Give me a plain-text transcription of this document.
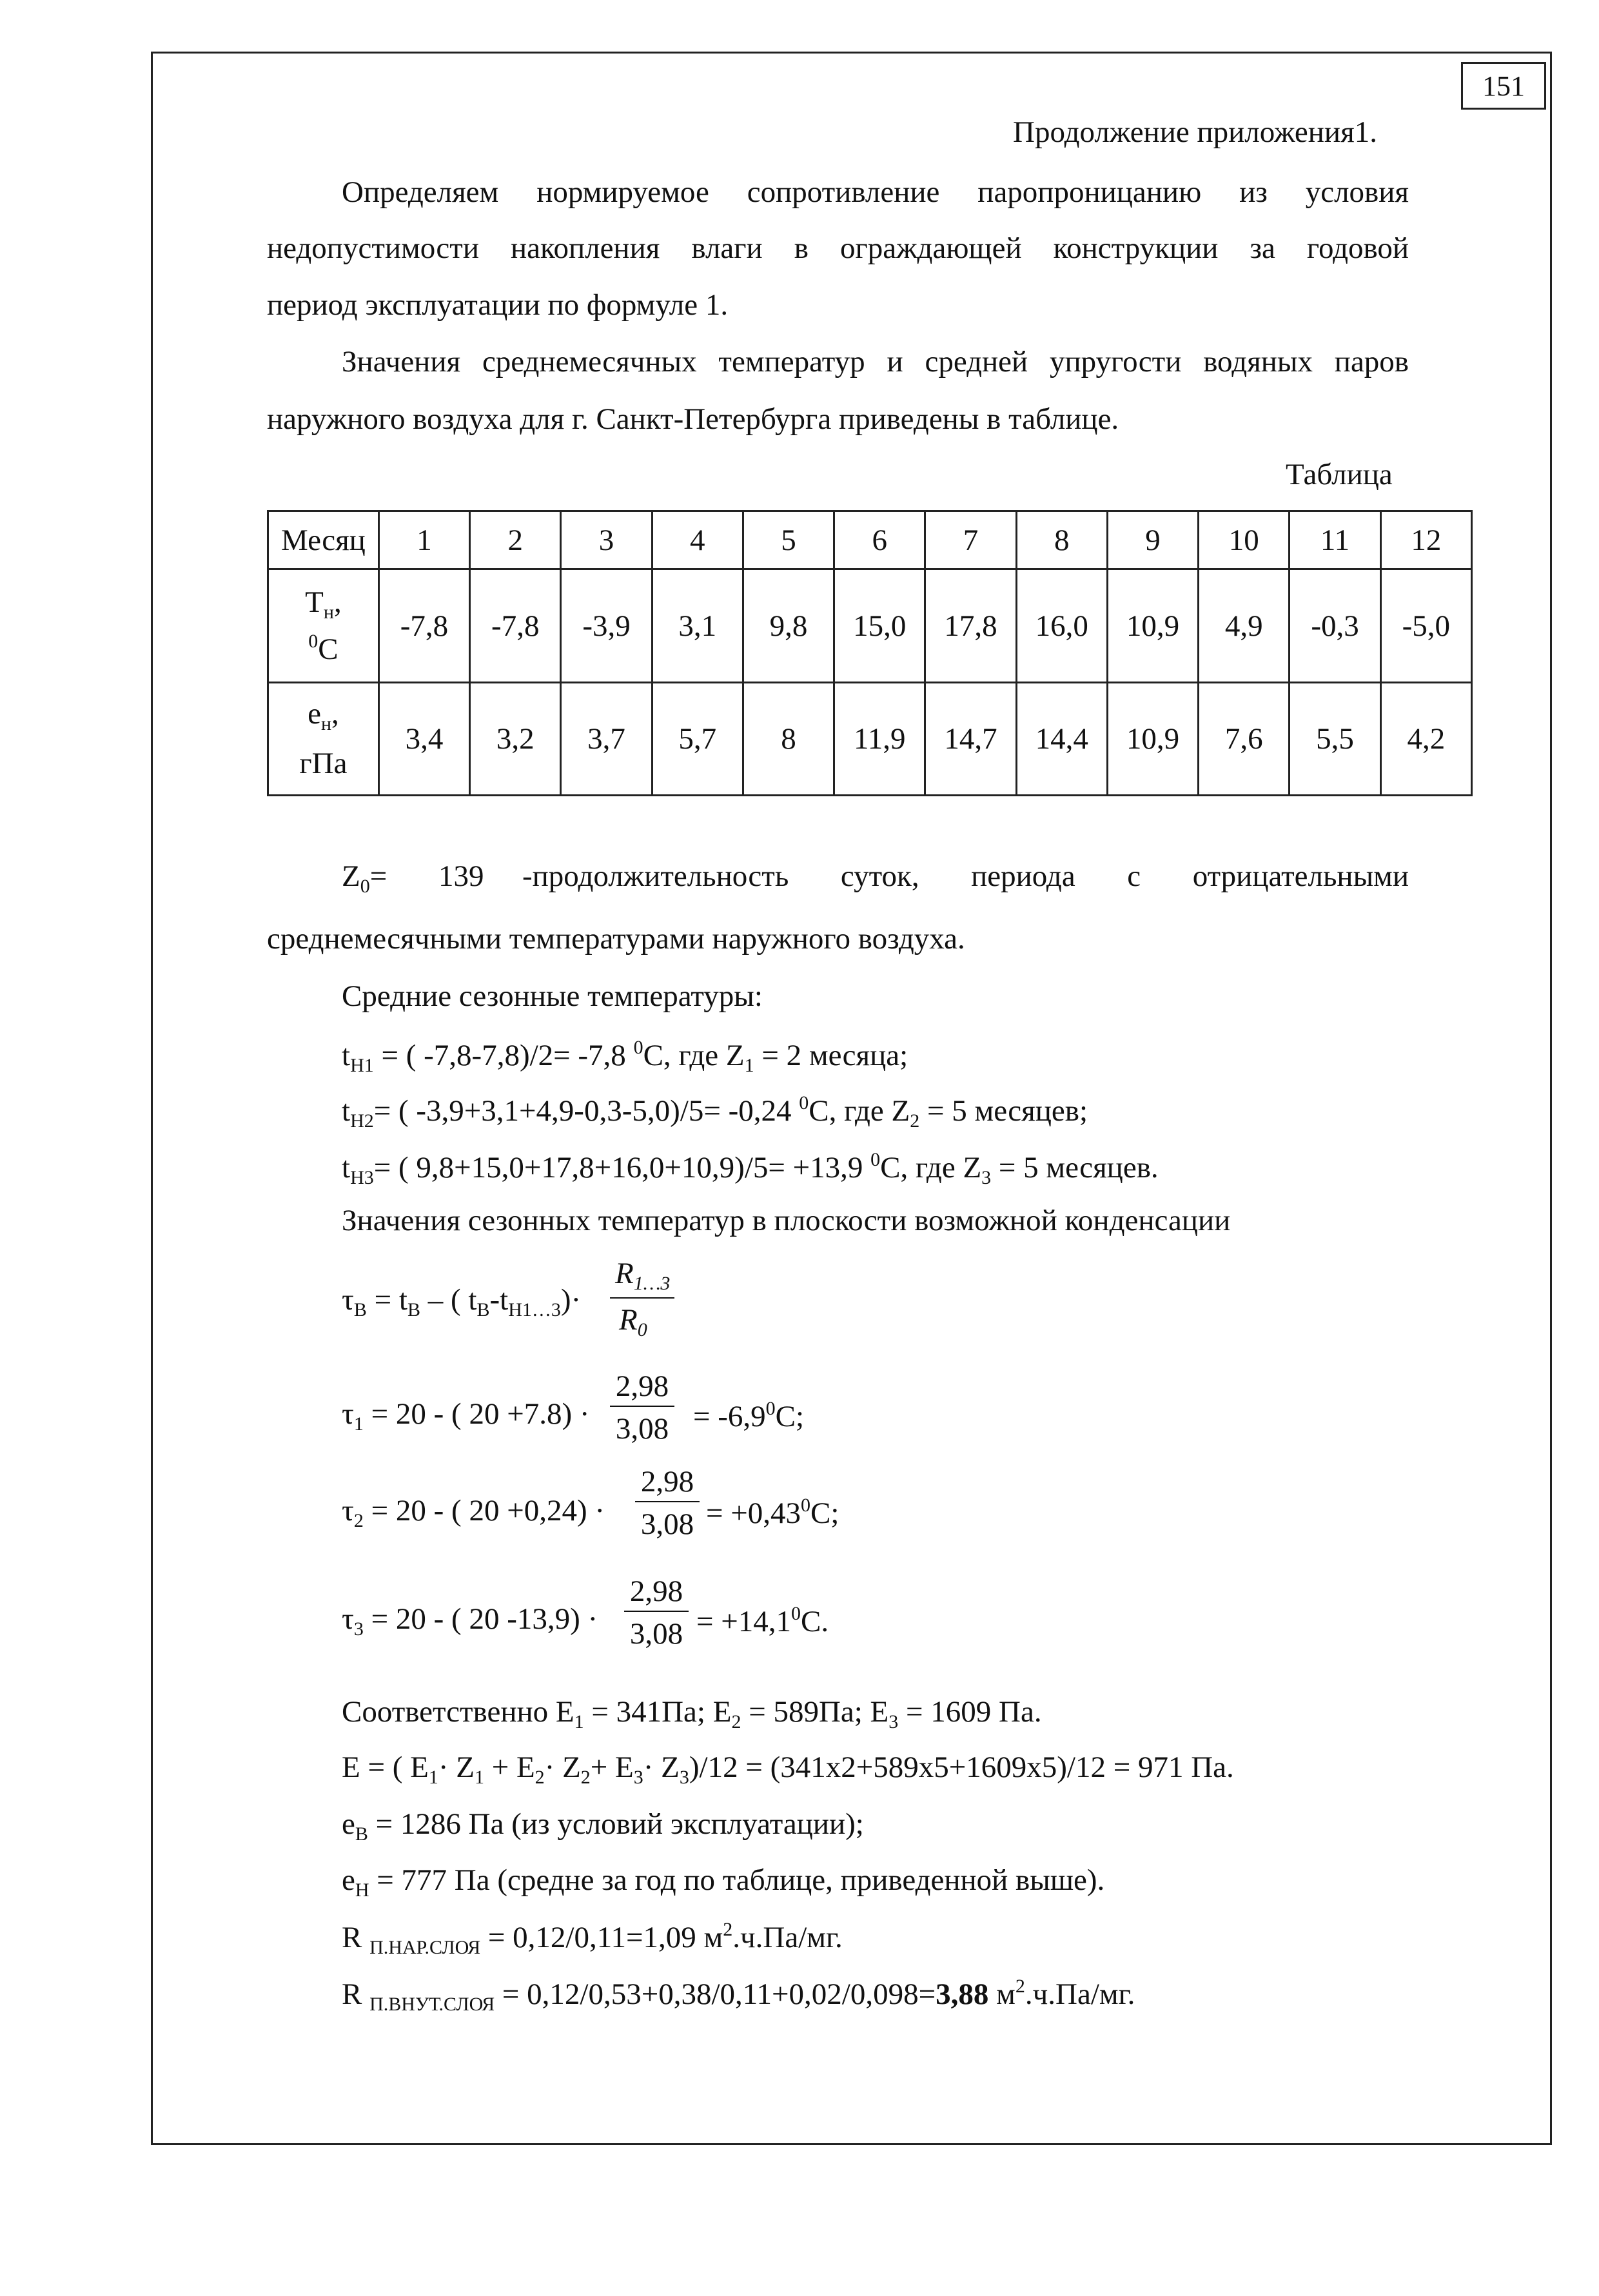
151
Продолжение приложения1.
Определяем нормируемое сопротивление паропроницанию из условия
недопустимости накопления влаги в ограждающей конструкции за годовой
период эксплуатации по формуле 1.
Значения среднемесячных температур и средней упругости водяных паров
наружного воздуха для г. Санкт-Петербурга приведены в таблице.
Таблица
Месяц	1	2	3	4	5	6	7	8	9	10	11	12
$Т_н$,
$^0$С	-7,8	-7,8	-3,9	3,1	9,8	15,0	17,8	16,0	10,9	4,9	-0,3	-5,0
$е_н$,
гПа	3,4	3,2	3,7	5,7	8	11,9	14,7	14,4	10,9	7,6	5,5	4,2
$Z_0= 139$ -продолжительность суток, периода с отрицательными
среднемесячными температурами наружного воздуха.
Средние сезонные температуры:
$t_{Н1}$ = ( -7,8-7,8)/2= -7,8 $^0$С, где $Z_1 = 2$ месяца;
$t_{Н2}=$ ( -3,9+3,1+4,9-0,3-5,0)/5= -0,24 $^0$С, где $Z_2 = 5$ месяцев;
$t_{Н3}=$ ( 9,8+15,0+17,8+16,0+10,9)/5= +13,9 $^0$С, где $Z_3 = 5$ месяцев.
Значения сезонных температур в плоскости возможной конденсации
$\tau_В = t_В$ – ( $t_В-t_{Н1\dots 3})\cdot$
$R_{1\dots 3}$
$R_0$
$\tau_1 = 20$ - ( 20 +7.8) ·
2,98
$3,08 = -6,9^0С$;
$\tau_2 = 20$ - ( 20 +0,24) ·
2,98
$3,08 = +0,43^0С$;
$\tau_3 = 20$ - ( 20 -13,9) ·
2,98
$3,08 = +14,1^0С$.
Соответственно $E_1 = 341Па$; $E_2 = 589Па$; $E_3 = 1609$ Па.
E = ( $E_1\cdot Z_1 + E_2\cdot Z_2+ E_3\cdot Z_3)/12 = (341x2+589x5+1609x5)/12 = 971$ Па.
$е_В = 1286$ Па (из условий эксплуатации);
$е_Н = 777$ Па (средне за год по таблице, приведенной выше).
R $_{П.НАР.СЛОЯ}$ = 0,12/0,11=1,09 $м^2.ч.Па/мг$.
R $_{П.ВНУТ.СЛОЯ}$ = 0,12/0,53+0,38/0,11+0,02/0,098=3,88 $м^2.ч.Па/мг$.
